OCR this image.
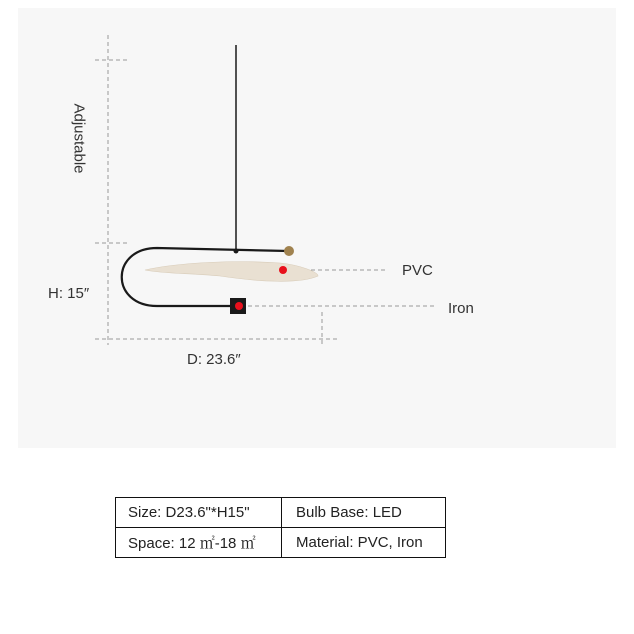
Adjustable
H: 15″
D: 23.6″
PVC
Iron
Size: D23.6"*H15"	Bulb Base: LED
Space: 12 ㎡-18 ㎡	Material: PVC, Iron
